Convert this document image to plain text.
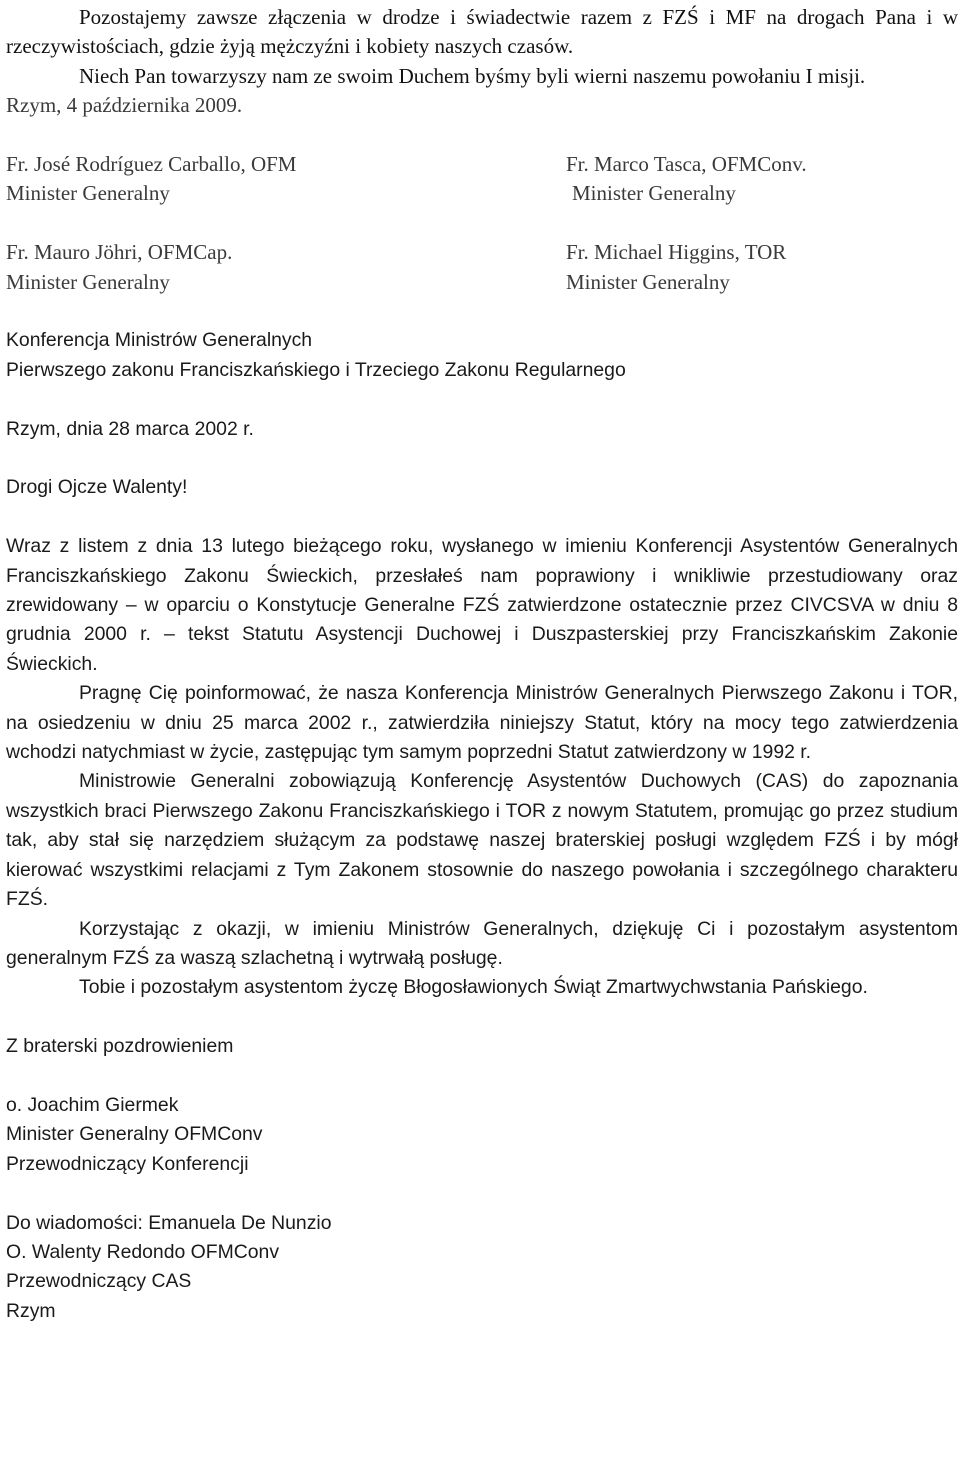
Pozostajemy zawsze złączenia w drodze i świadectwie razem z FZŚ i MF na drogach Pana i w rzeczywistościach, gdzie żyją mężczyźni i kobiety naszych czasów.

Niech Pan towarzyszy nam ze swoim Duchem byśmy byli wierni naszemu powołaniu I misji.

Rzym, 4 października 2009.
Fr. José Rodríguez Carballo, OFM
Minister Generalny
Fr. Marco Tasca, OFMConv.
Minister Generalny
Fr. Mauro Jöhri, OFMCap.
Minister Generalny
Fr. Michael Higgins, TOR
Minister Generalny
Konferencja Ministrów Generalnych
Pierwszego zakonu Franciszkańskiego i Trzeciego Zakonu Regularnego
Rzym, dnia 28 marca 2002 r.
Drogi Ojcze Walenty!

Wraz z listem z dnia 13 lutego bieżącego roku, wysłanego w imieniu Konferencji Asystentów Generalnych Franciszkańskiego Zakonu Świeckich, przesłałeś nam poprawiony i wnikliwie przestudiowany oraz zrewidowany – w oparciu o Konstytucje Generalne FZŚ zatwierdzone ostatecznie przez CIVCSVA w dniu 8 grudnia 2000 r. – tekst Statutu Asystencji Duchowej i Duszpasterskiej przy Franciszkańskim Zakonie Świeckich.

Pragnę Cię poinformować, że nasza Konferencja Ministrów Generalnych Pierwszego Zakonu i TOR, na osiedzeniu w dniu 25 marca 2002 r., zatwierdziła niniejszy Statut, który na mocy tego zatwierdzenia wchodzi natychmiast w życie, zastępując tym samym poprzedni Statut zatwierdzony w 1992 r.

Ministrowie Generalni zobowiązują Konferencję Asystentów Duchowych (CAS) do zapoznania wszystkich braci Pierwszego Zakonu Franciszkańskiego i TOR z nowym Statutem, promując go przez studium tak, aby stał się narzędziem służącym za podstawę naszej braterskiej posługi względem FZŚ i by mógł kierować wszystkimi relacjami z Tym Zakonem stosownie do naszego powołania i szczególnego charakteru FZŚ.

Korzystając z okazji, w imieniu Ministrów Generalnych, dziękuję Ci i pozostałym asystentom generalnym FZŚ za waszą szlachetną i wytrwałą posługę.

Tobie i pozostałym asystentom życzę Błogosławionych Świąt Zmartwychwstania Pańskiego.

Z braterski pozdrowieniem
o. Joachim Giermek
Minister Generalny OFMConv
Przewodniczący Konferencji
Do wiadomości: Emanuela De Nunzio
O. Walenty Redondo OFMConv
Przewodniczący CAS
Rzym
